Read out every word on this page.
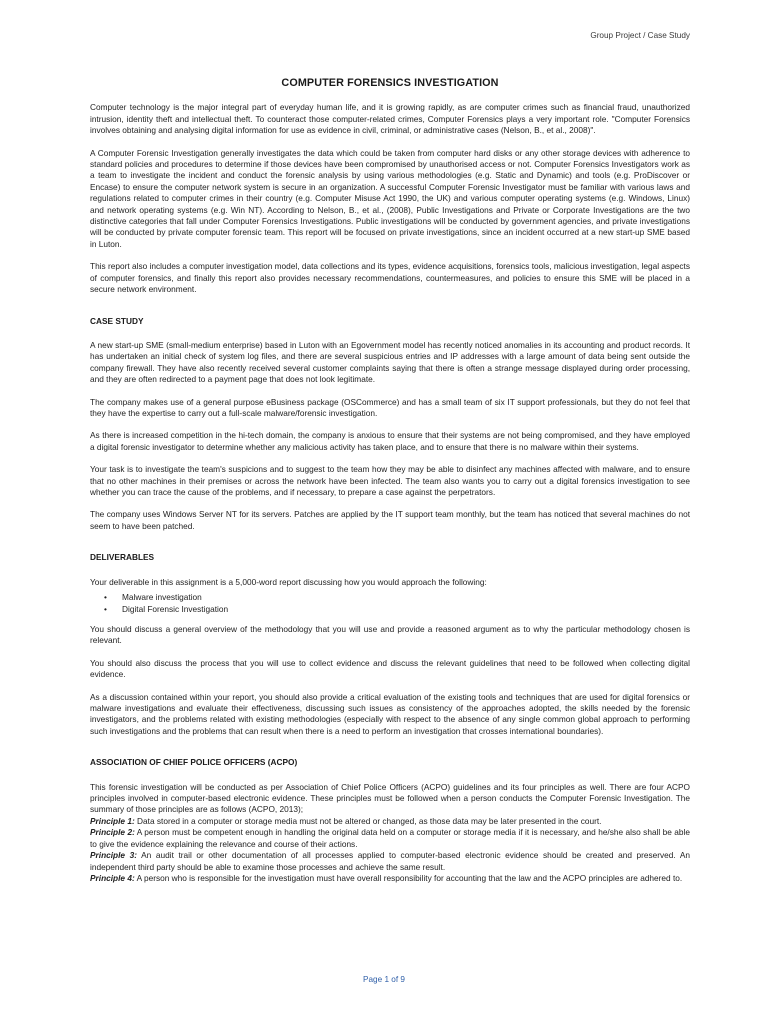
Group Project / Case Study
COMPUTER FORENSICS INVESTIGATION

Computer technology is the major integral part of everyday human life, and it is growing rapidly, as are computer crimes such as financial fraud, unauthorized intrusion, identity theft and intellectual theft. To counteract those computer-related crimes, Computer Forensics plays a very important role. "Computer Forensics involves obtaining and analysing digital information for use as evidence in civil, criminal, or administrative cases (Nelson, B., et al., 2008)".

A Computer Forensic Investigation generally investigates the data which could be taken from computer hard disks or any other storage devices with adherence to standard policies and procedures to determine if those devices have been compromised by unauthorised access or not. Computer Forensics Investigators work as a team to investigate the incident and conduct the forensic analysis by using various methodologies (e.g. Static and Dynamic) and tools (e.g. ProDiscover or Encase) to ensure the computer network system is secure in an organization. A successful Computer Forensic Investigator must be familiar with various laws and regulations related to computer crimes in their country (e.g. Computer Misuse Act 1990, the UK) and various computer operating systems (e.g. Windows, Linux) and network operating systems (e.g. Win NT). According to Nelson, B., et al., (2008), Public Investigations and Private or Corporate Investigations are the two distinctive categories that fall under Computer Forensics Investigations. Public investigations will be conducted by government agencies, and private investigations will be conducted by private computer forensic team. This report will be focused on private investigations, since an incident occurred at a new start-up SME based in Luton.

This report also includes a computer investigation model, data collections and its types, evidence acquisitions, forensics tools, malicious investigation, legal aspects of computer forensics, and finally this report also provides necessary recommendations, countermeasures, and policies to ensure this SME will be placed in a secure network environment.

CASE STUDY

A new start-up SME (small-medium enterprise) based in Luton with an Egovernment model has recently noticed anomalies in its accounting and product records. It has undertaken an initial check of system log files, and there are several suspicious entries and IP addresses with a large amount of data being sent outside the company firewall. They have also recently received several customer complaints saying that there is often a strange message displayed during order processing, and they are often redirected to a payment page that does not look legitimate.

The company makes use of a general purpose eBusiness package (OSCommerce) and has a small team of six IT support professionals, but they do not feel that they have the expertise to carry out a full-scale malware/forensic investigation.

As there is increased competition in the hi-tech domain, the company is anxious to ensure that their systems are not being compromised, and they have employed a digital forensic investigator to determine whether any malicious activity has taken place, and to ensure that there is no malware within their systems.

Your task is to investigate the team's suspicions and to suggest to the team how they may be able to disinfect any machines affected with malware, and to ensure that no other machines in their premises or across the network have been infected. The team also wants you to carry out a digital forensics investigation to see whether you can trace the cause of the problems, and if necessary, to prepare a case against the perpetrators.

The company uses Windows Server NT for its servers. Patches are applied by the IT support team monthly, but the team has noticed that several machines do not seem to have been patched.

DELIVERABLES

Your deliverable in this assignment is a 5,000-word report discussing how you would approach the following:

• Malware investigation
• Digital Forensic Investigation

You should discuss a general overview of the methodology that you will use and provide a reasoned argument as to why the particular methodology chosen is relevant.

You should also discuss the process that you will use to collect evidence and discuss the relevant guidelines that need to be followed when collecting digital evidence.

As a discussion contained within your report, you should also provide a critical evaluation of the existing tools and techniques that are used for digital forensics or malware investigations and evaluate their effectiveness, discussing such issues as consistency of the approaches adopted, the skills needed by the forensic investigators, and the problems related with existing methodologies (especially with respect to the absence of any single common global approach to performing such investigations and the problems that can result when there is a need to perform an investigation that crosses international boundaries).

ASSOCIATION OF CHIEF POLICE OFFICERS (ACPO)

This forensic investigation will be conducted as per Association of Chief Police Officers (ACPO) guidelines and its four principles as well. There are four ACPO principles involved in computer-based electronic evidence. These principles must be followed when a person conducts the Computer Forensic Investigation. The summary of those principles are as follows (ACPO, 2013);

Principle 1: Data stored in a computer or storage media must not be altered or changed, as those data may be later presented in the court.

Principle 2: A person must be competent enough in handling the original data held on a computer or storage media if it is necessary, and he/she also shall be able to give the evidence explaining the relevance and course of their actions.

Principle 3: An audit trail or other documentation of all processes applied to computer-based electronic evidence should be created and preserved. An independent third party should be able to examine those processes and achieve the same result.

Principle 4: A person who is responsible for the investigation must have overall responsibility for accounting that the law and the ACPO principles are adhered to.

Page 1 of 9
